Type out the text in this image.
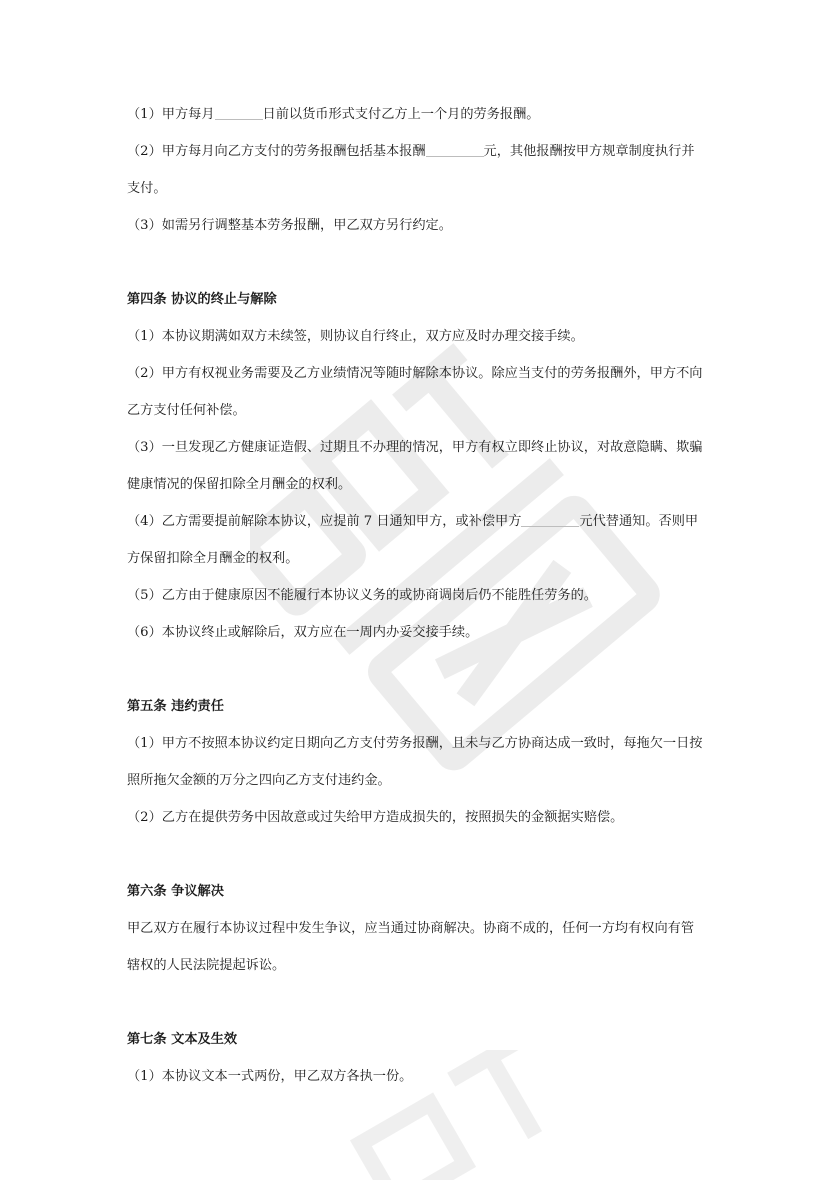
（1）甲方每月	日前以货币形式支付乙方上一个月的劳务报酬。

（2）甲方每月向乙方支付的劳务报酬包括基本报酬	元，其他报酬按甲方规章制度执行并支付。

（3）如需另行调整基本劳务报酬，甲乙双方另行约定。

第四条 协议的终止与解除

（1）本协议期满如双方未续签，则协议自行终止，双方应及时办理交接手续。

（2）甲方有权视业务需要及乙方业绩情况等随时解除本协议。除应当支付的劳务报酬外，甲方不向乙方支付任何补偿。

（3）一旦发现乙方健康证造假、过期且不办理的情况，甲方有权立即终止协议，对故意隐瞒、欺骗健康情况的保留扣除全月酬金的权利。

（4）乙方需要提前解除本协议，应提前 7 日通知甲方，或补偿甲方	元代替通知。否则甲方保留扣除全月酬金的权利。

（5）乙方由于健康原因不能履行本协议义务的或协商调岗后仍不能胜任劳务的。

（6）本协议终止或解除后，双方应在一周内办妥交接手续。

第五条 违约责任

（1）甲方不按照本协议约定日期向乙方支付劳务报酬，且未与乙方协商达成一致时，每拖欠一日按照所拖欠金额的万分之四向乙方支付违约金。

（2）乙方在提供劳务中因故意或过失给甲方造成损失的，按照损失的金额据实赔偿。

第六条 争议解决

甲乙双方在履行本协议过程中发生争议，应当通过协商解决。协商不成的，任何一方均有权向有管辖权的人民法院提起诉讼。

第七条 文本及生效

（1）本协议文本一式两份，甲乙双方各执一份。
